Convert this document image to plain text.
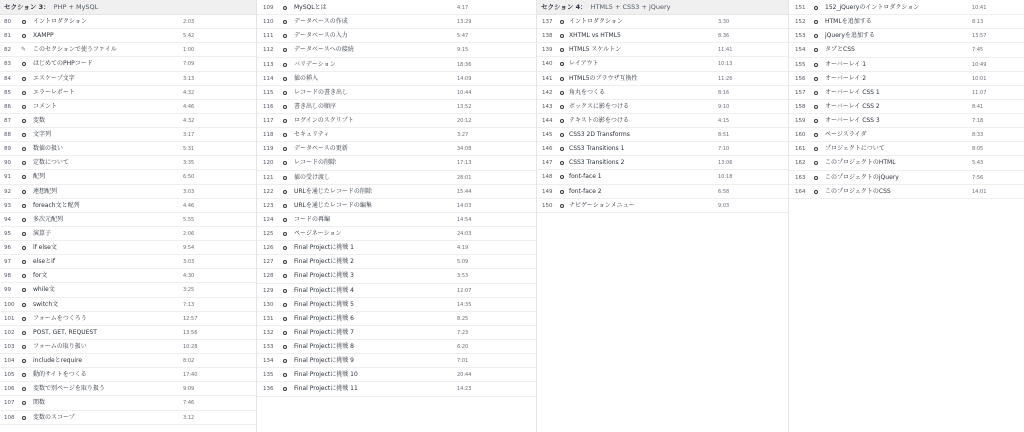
セクション 3： PHP + MySQL
80	イントロダクション	2:03
81	XAMPP	5:42
82 ✎ このセクションで使うファイル	1:00
83	はじめてのPHPコード	7:09
84	エスケープ文字	3:13
85	エラーレポート	4:32
86	コメント	4:46
87	変数	4:32
88	文字列	3:17
89	数値の扱い	5:31
90	定数について	3:35
91	配列	6:50
92	連想配列	3:03
93	foreach文と配列	4:46
94	多次元配列	5:55
95	演算子	2:06
96	if else文	9:54
97	elseとif	3:03
98	for文	4:30
99	while文	3:25
100	switch文	7:13
101	フォームをつくろう	12:57
102	POST, GET, REQUEST	13:56
103	フォームの取り扱い	10:28
104	includeとrequire	8:02
105	動的サイトをつくる	17:40
106	変数で別ページを取り扱う	9:09
107	関数	7:46
108	変数のスコープ	3:12
109	MySQLとは	4:17
110	データベースの作成	13:29
111	データベースの入力	5:47
112	データベースへの接続	9:15
113	バリデーション	18:36
114	値の挿入	14:09
115	レコードの書き出し	10:44
116	書き出しの順序	13:52
117	ログインのスクリプト	20:12
118	セキュリティ	3:27
119	データベースの更新	34:08
120	レコードの削除	17:13
121	値の受け渡し	28:01
122	URLを通じたレコードの削除	15:44
123	URLを通じたレコードの編集	14:03
124	コードの再編	14:54
125	ページネーション	24:03
126	Final Projectに挑戦 1	4:19
127	Final Projectに挑戦 2	5:09
128	Final Projectに挑戦 3	3:53
129	Final Projectに挑戦 4	12:07
130	Final Projectに挑戦 5	14:35
131	Final Projectに挑戦 6	8:25
132	Final Projectに挑戦 7	7:23
133	Final Projectに挑戦 8	6:20
134	Final Projectに挑戦 9	7:01
135	Final Projectに挑戦 10	20:44
136	Final Projectに挑戦 11	14:23
セクション 4： HTML5 + CSS3 + jQuery
137	イントロダクション	3:30
138	XHTML vs HTML5	8:36
139	HTML5 スケルトン	11:41
140	レイアウト	10:13
141	HTML5のブラウザ互換性	11:26
142	角丸をつくる	8:16
143	ボックスに影をつける	9:10
144	テキストの影をつける	4:15
145	CSS3 2D Transforms	8:51
146	CSS3 Transitions 1	7:10
147	CSS3 Transitions 2	13:06
148	font-face 1	10:18
149	font-face 2	6:58
150	ナビゲーションメニュー	9:03
151	152_jQueryのイントロダクション	10:41
152	HTMLを追加する	8:13
153	jQueryを追加する	13:57
154	タブとCSS	7:45
155	オーバーレイ 1	10:49
156	オーバーレイ 2	10:01
157	オーバーレイ CSS 1	11:07
158	オーバーレイ CSS 2	8:41
159	オーバーレイ CSS 3	7:18
160	ページスライダ	8:33
161	プロジェクトについて	8:05
162	このプロジェクトのHTML	5:43
163	このプロジェクトのjQuery	7:56
164	このプロジェクトのCSS	14:01
